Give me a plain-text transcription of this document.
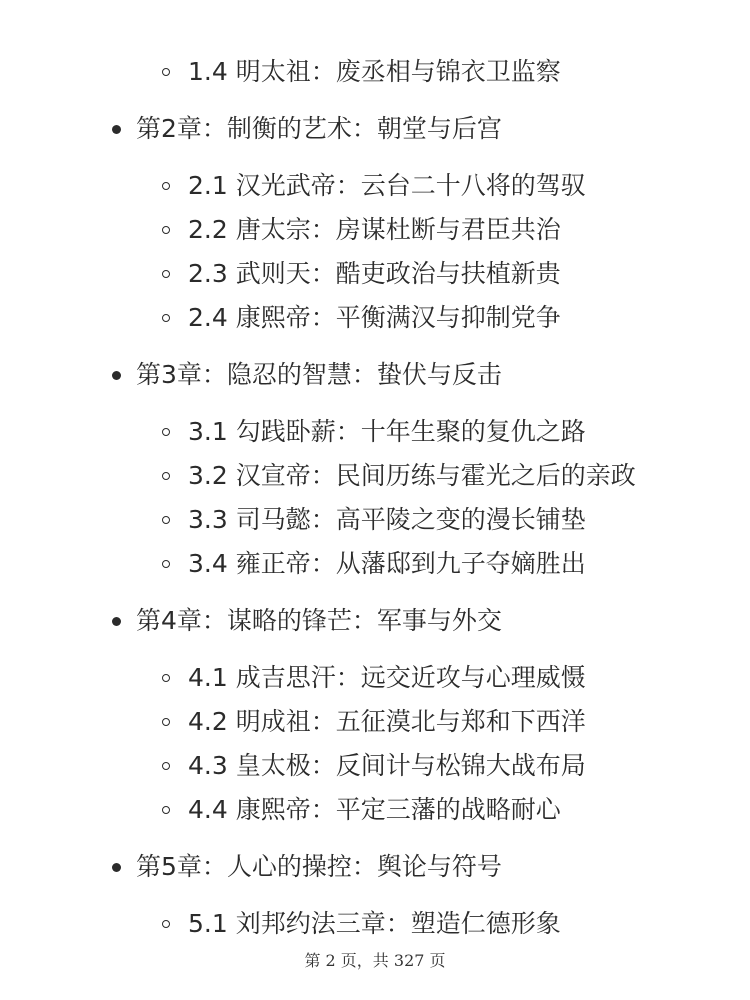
1.4 明太祖：废丞相与锦衣卫监察
第2章：制衡的艺术：朝堂与后宫
2.1 汉光武帝：云台二十八将的驾驭
2.2 唐太宗：房谋杜断与君臣共治
2.3 武则天：酷吏政治与扶植新贵
2.4 康熙帝：平衡满汉与抑制党争
第3章：隐忍的智慧：蛰伏与反击
3.1 勾践卧薪：十年生聚的复仇之路
3.2 汉宣帝：民间历练与霍光之后的亲政
3.3 司马懿：高平陵之变的漫长铺垫
3.4 雍正帝：从藩邸到九子夺嫡胜出
第4章：谋略的锋芒：军事与外交
4.1 成吉思汗：远交近攻与心理威慑
4.2 明成祖：五征漠北与郑和下西洋
4.3 皇太极：反间计与松锦大战布局
4.4 康熙帝：平定三藩的战略耐心
第5章：人心的操控：舆论与符号
5.1 刘邦约法三章：塑造仁德形象
第 2 页，共 327 页
